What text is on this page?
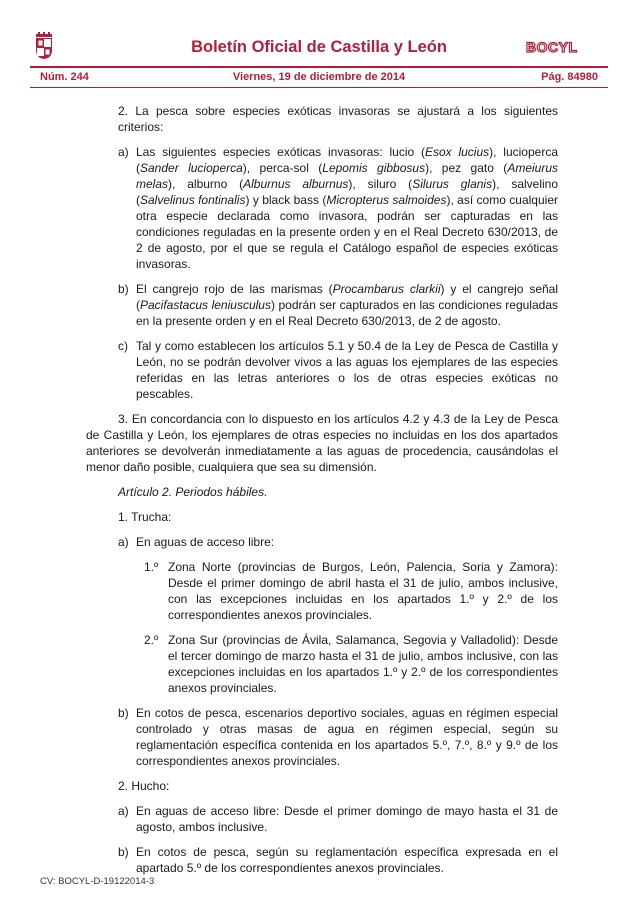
Boletín Oficial de Castilla y León	BOCYL
Núm. 244	Viernes, 19 de diciembre de 2014	Pág. 84980

2. La pesca sobre especies exóticas invasoras se ajustará a los siguientes criterios:

a) Las siguientes especies exóticas invasoras: lucio (Esox lucius), lucioperca (Sander lucioperca), perca-sol (Lepomis gibbosus), pez gato (Ameiurus melas), alburno (Alburnus alburnus), siluro (Silurus glanis), salvelino (Salvelinus fontinalis) y black bass (Micropterus salmoides), así como cualquier otra especie declarada como invasora, podrán ser capturadas en las condiciones reguladas en la presente orden y en el Real Decreto 630/2013, de 2 de agosto, por el que se regula el Catálogo español de especies exóticas invasoras.
b) El cangrejo rojo de las marismas (Procambarus clarkii) y el cangrejo señal (Pacifastacus leniusculus) podrán ser capturados en las condiciones reguladas en la presente orden y en el Real Decreto 630/2013, de 2 de agosto.
c) Tal y como establecen los artículos 5.1 y 50.4 de la Ley de Pesca de Castilla y León, no se podrán devolver vivos a las aguas los ejemplares de las especies referidas en las letras anteriores o los de otras especies exóticas no pescables.

3. En concordancia con lo dispuesto en los artículos 4.2 y 4.3 de la Ley de Pesca de Castilla y León, los ejemplares de otras especies no incluidas en los dos apartados anteriores se devolverán inmediatamente a las aguas de procedencia, causándolas el menor daño posible, cualquiera que sea su dimensión.

Artículo 2. Periodos hábiles.

1. Trucha:

a) En aguas de acceso libre:
1.º Zona Norte (provincias de Burgos, León, Palencia, Soria y Zamora): Desde el primer domingo de abril hasta el 31 de julio, ambos inclusive, con las excepciones incluidas en los apartados 1.º y 2.º de los correspondientes anexos provinciales.
2.º Zona Sur (provincias de Ávila, Salamanca, Segovia y Valladolid): Desde el tercer domingo de marzo hasta el 31 de julio, ambos inclusive, con las excepciones incluidas en los apartados 1.º y 2.º de los correspondientes anexos provinciales.
b) En cotos de pesca, escenarios deportivo sociales, aguas en régimen especial controlado y otras masas de agua en régimen especial, según su reglamentación específica contenida en los apartados 5.º, 7.º, 8.º y 9.º de los correspondientes anexos provinciales.

2. Hucho:

a) En aguas de acceso libre: Desde el primer domingo de mayo hasta el 31 de agosto, ambos inclusive.
b) En cotos de pesca, según su reglamentación específica expresada en el apartado 5.º de los correspondientes anexos provinciales.
CV: BOCYL-D-19122014-3
